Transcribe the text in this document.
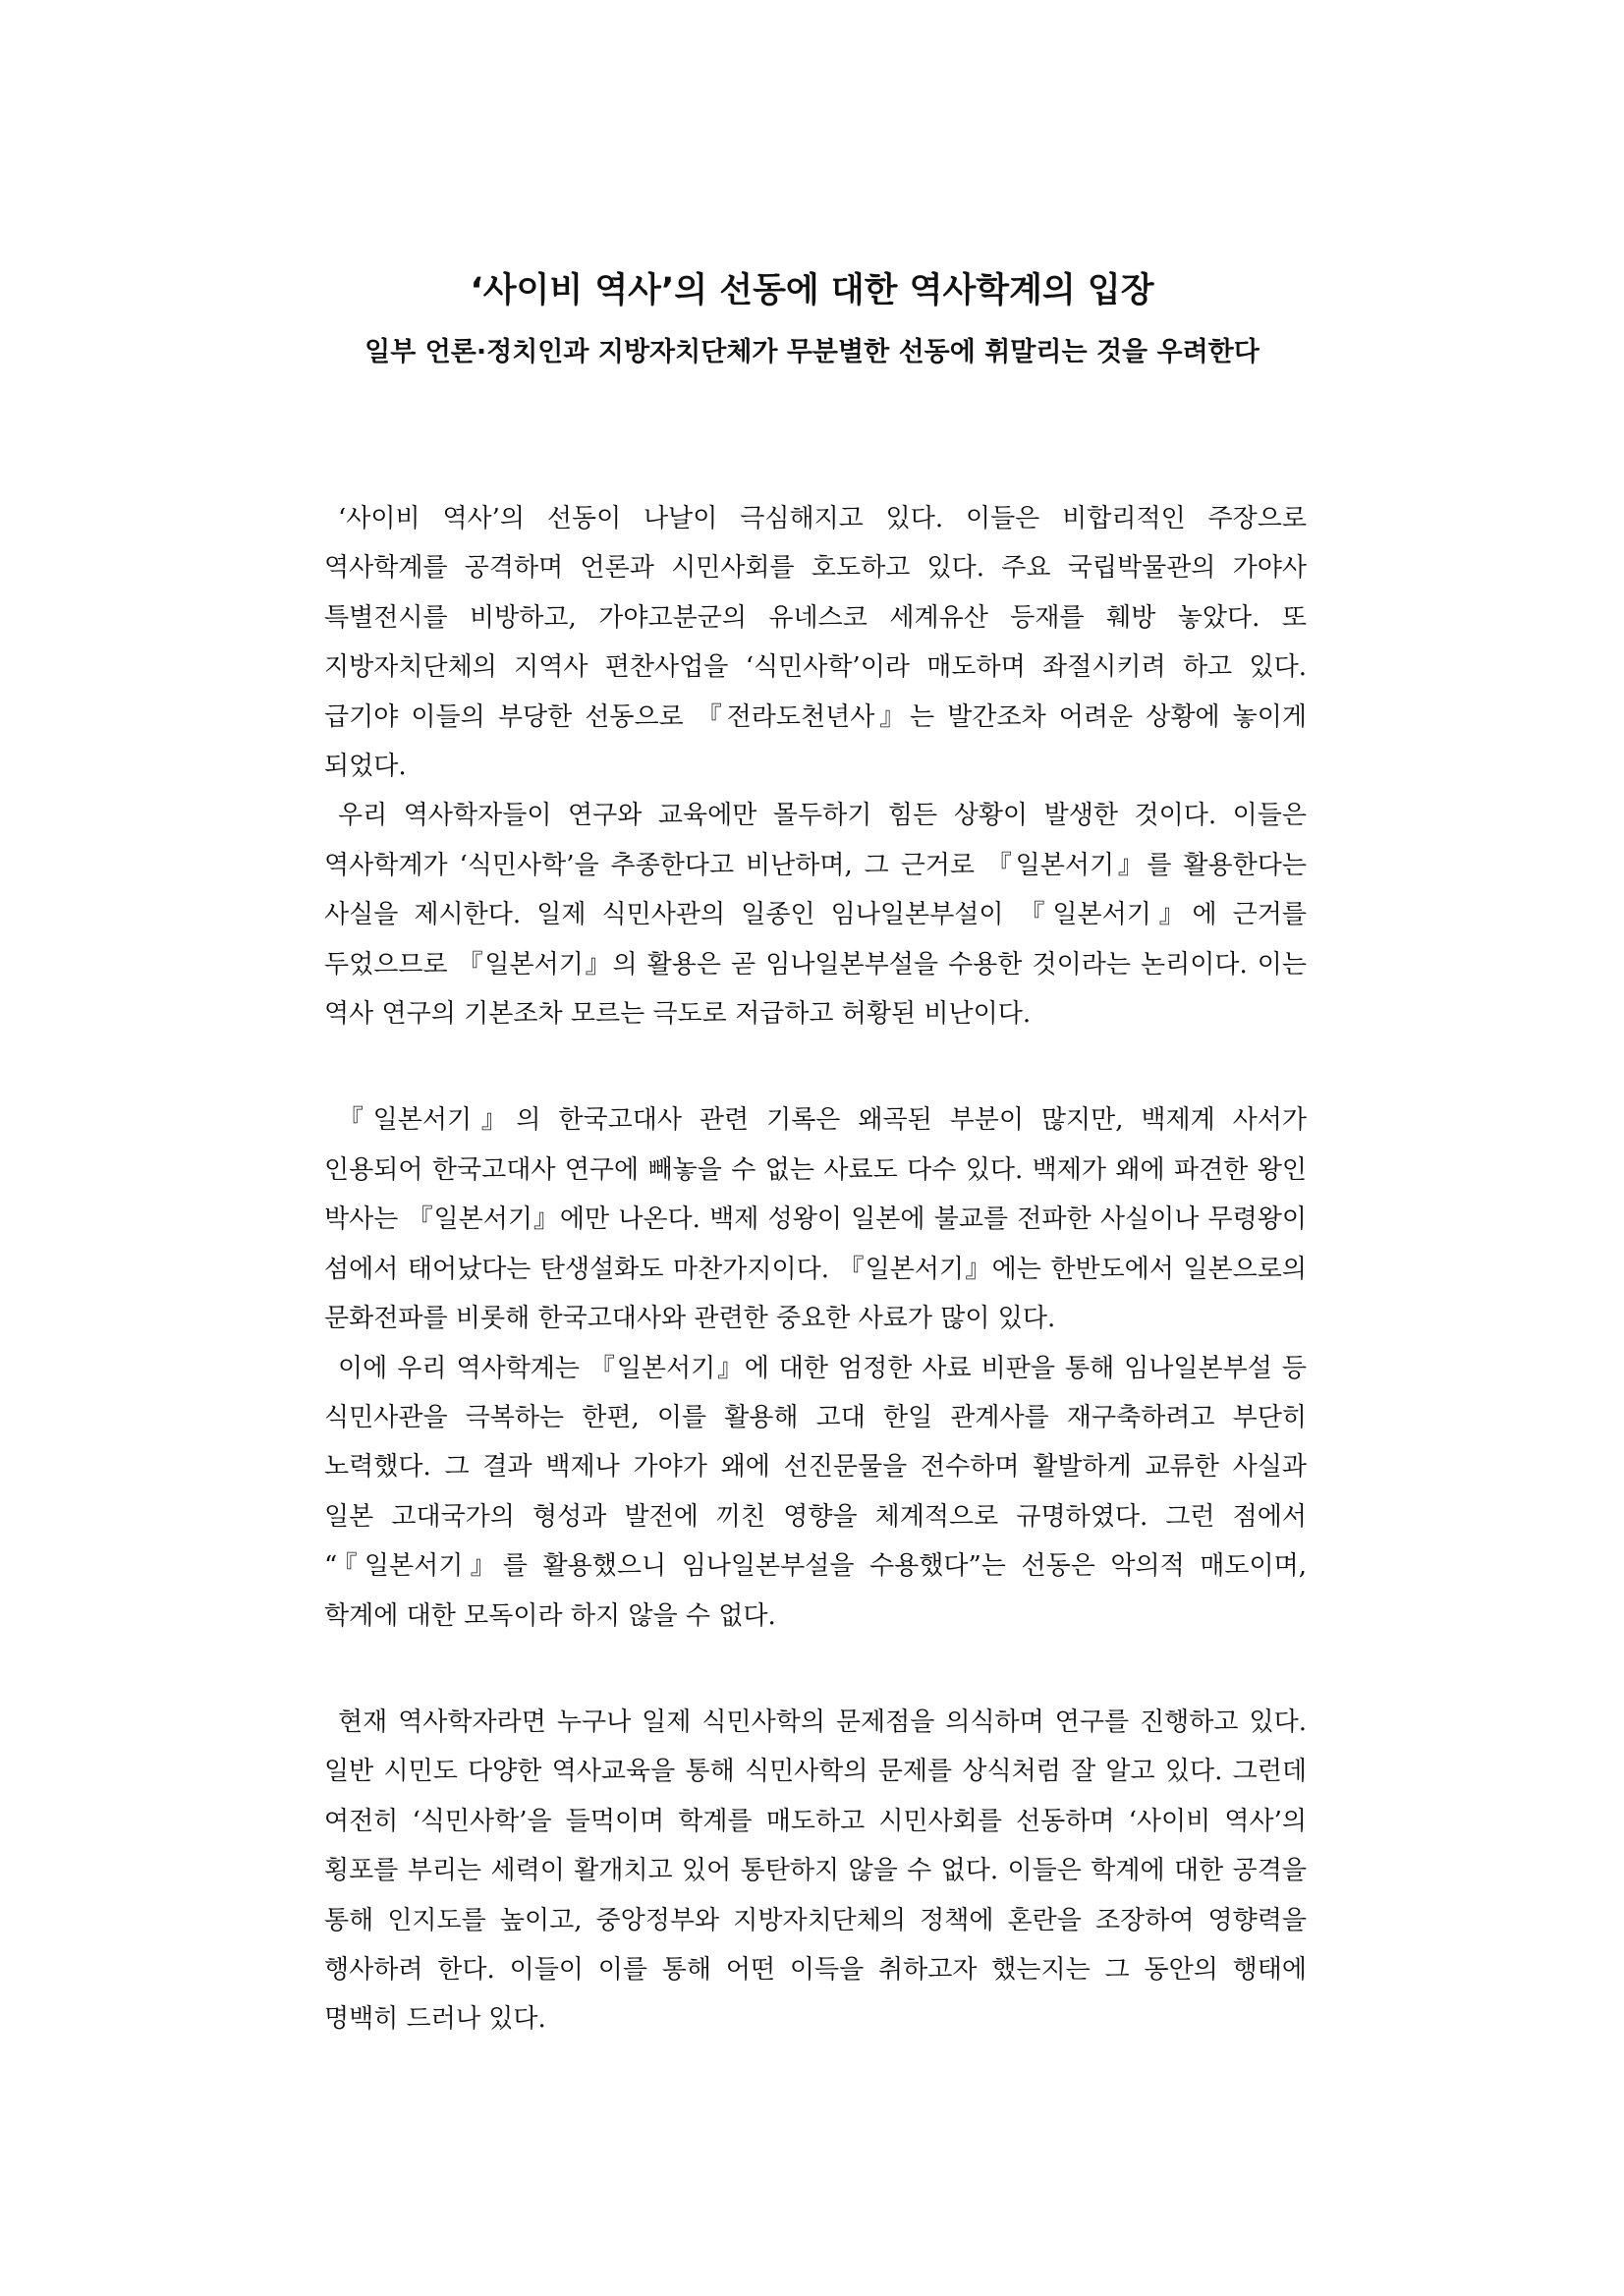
‘사이비 역사’의 선동에 대한 역사학계의 입장
일부 언론·정치인과 지방자치단체가 무분별한 선동에 휘말리는 것을 우려한다

‘사이비 역사’의 선동이 나날이 극심해지고 있다. 이들은 비합리적인 주장으로 역사학계를 공격하며 언론과 시민사회를 호도하고 있다. 주요 국립박물관의 가야사 특별전시를 비방하고, 가야고분군의 유네스코 세계유산 등재를 훼방 놓았다. 또 지방자치단체의 지역사 편찬사업을 ‘식민사학’이라 매도하며 좌절시키려 하고 있다. 급기야 이들의 부당한 선동으로 『전라도천년사』는 발간조차 어려운 상황에 놓이게 되었다.

우리 역사학자들이 연구와 교육에만 몰두하기 힘든 상황이 발생한 것이다. 이들은 역사학계가 ‘식민사학’을 추종한다고 비난하며, 그 근거로 『일본서기』를 활용한다는 사실을 제시한다. 일제 식민사관의 일종인 임나일본부설이 『일본서기』에 근거를 두었으므로 『일본서기』의 활용은 곧 임나일본부설을 수용한 것이라는 논리이다. 이는 역사 연구의 기본조차 모르는 극도로 저급하고 허황된 비난이다.

『일본서기』의 한국고대사 관련 기록은 왜곡된 부분이 많지만, 백제계 사서가 인용되어 한국고대사 연구에 빼놓을 수 없는 사료도 다수 있다. 백제가 왜에 파견한 왕인 박사는 『일본서기』에만 나온다. 백제 성왕이 일본에 불교를 전파한 사실이나 무령왕이 섬에서 태어났다는 탄생설화도 마찬가지이다. 『일본서기』에는 한반도에서 일본으로의 문화전파를 비롯해 한국고대사와 관련한 중요한 사료가 많이 있다.

이에 우리 역사학계는 『일본서기』에 대한 엄정한 사료 비판을 통해 임나일본부설 등 식민사관을 극복하는 한편, 이를 활용해 고대 한일 관계사를 재구축하려고 부단히 노력했다. 그 결과 백제나 가야가 왜에 선진문물을 전수하며 활발하게 교류한 사실과 일본 고대국가의 형성과 발전에 끼친 영향을 체계적으로 규명하였다. 그런 점에서 “『일본서기』를 활용했으니 임나일본부설을 수용했다”는 선동은 악의적 매도이며, 학계에 대한 모독이라 하지 않을 수 없다.

현재 역사학자라면 누구나 일제 식민사학의 문제점을 의식하며 연구를 진행하고 있다. 일반 시민도 다양한 역사교육을 통해 식민사학의 문제를 상식처럼 잘 알고 있다. 그런데 여전히 ‘식민사학’을 들먹이며 학계를 매도하고 시민사회를 선동하며 ‘사이비 역사’의 횡포를 부리는 세력이 활개치고 있어 통탄하지 않을 수 없다. 이들은 학계에 대한 공격을 통해 인지도를 높이고, 중앙정부와 지방자치단체의 정책에 혼란을 조장하여 영향력을 행사하려 한다. 이들이 이를 통해 어떤 이득을 취하고자 했는지는 그 동안의 행태에 명백히 드러나 있다.
